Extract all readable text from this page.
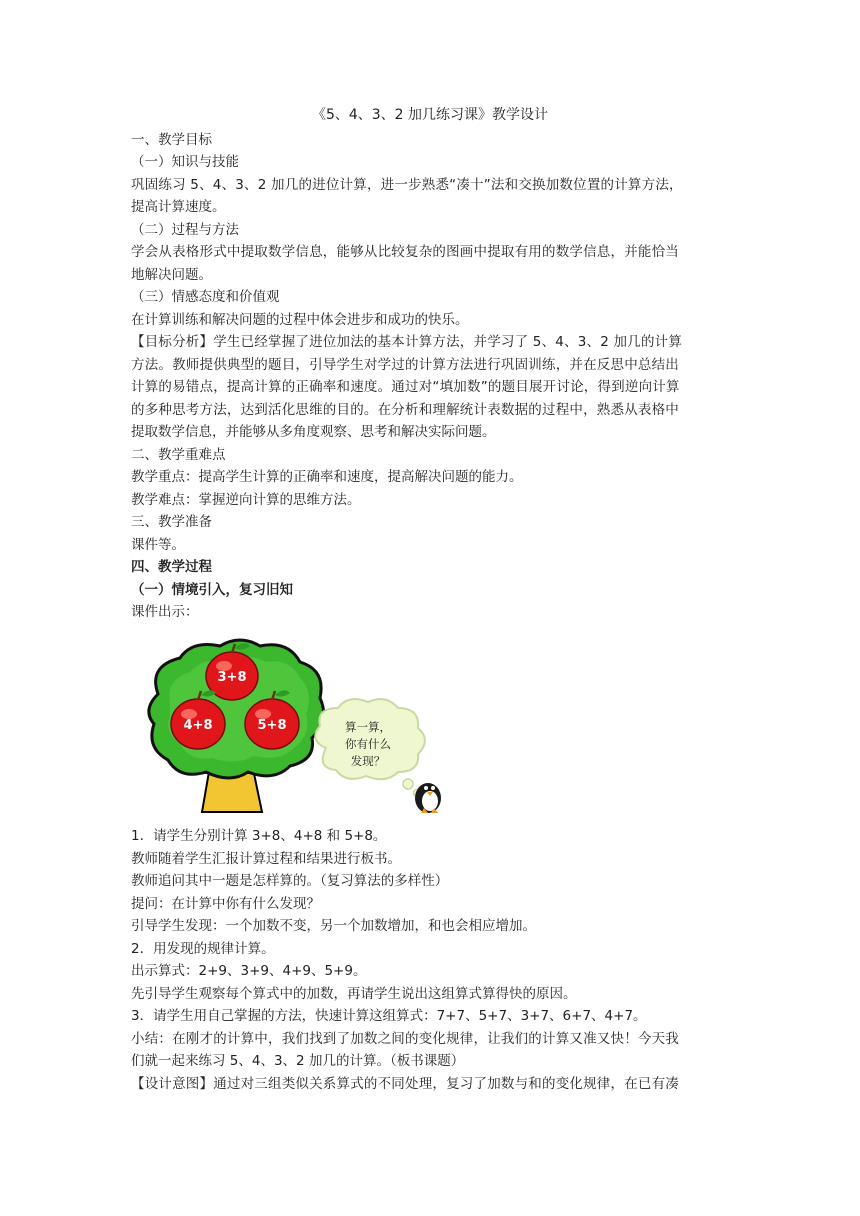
《5、4、3、2 加几练习课》教学设计
一、教学目标
（一）知识与技能
巩固练习 5、4、3、2 加几的进位计算，进一步熟悉“凑十”法和交换加数位置的计算方法，
提高计算速度。
（二）过程与方法
学会从表格形式中提取数学信息，能够从比较复杂的图画中提取有用的数学信息，并能恰当
地解决问题。
（三）情感态度和价值观
在计算训练和解决问题的过程中体会进步和成功的快乐。
【目标分析】学生已经掌握了进位加法的基本计算方法，并学习了 5、4、3、2 加几的计算
方法。教师提供典型的题目，引导学生对学过的计算方法进行巩固训练，并在反思中总结出
计算的易错点，提高计算的正确率和速度。通过对“填加数”的题目展开讨论，得到逆向计算
的多种思考方法，达到活化思维的目的。在分析和理解统计表数据的过程中，熟悉从表格中
提取数学信息，并能够从多角度观察、思考和解决实际问题。
二、教学重难点
教学重点：提高学生计算的正确率和速度，提高解决问题的能力。
教学难点：掌握逆向计算的思维方法。
三、教学准备
课件等。
四、教学过程
（一）情境引入，复习旧知
课件出示：
3+8
4+8	5+8	算一算，
你有什么
发现？
1．请学生分别计算 3+8、4+8 和 5+8。
教师随着学生汇报计算过程和结果进行板书。
教师追问其中一题是怎样算的。（复习算法的多样性）
提问：在计算中你有什么发现？
引导学生发现：一个加数不变，另一个加数增加，和也会相应增加。
2．用发现的规律计算。
出示算式：2+9、3+9、4+9、5+9。
先引导学生观察每个算式中的加数，再请学生说出这组算式算得快的原因。
3．请学生用自己掌握的方法，快速计算这组算式：7+7、5+7、3+7、6+7、4+7。
小结：在刚才的计算中，我们找到了加数之间的变化规律，让我们的计算又准又快！今天我
们就一起来练习 5、4、3、2 加几的计算。（板书课题）
【设计意图】通过对三组类似关系算式的不同处理，复习了加数与和的变化规律，在已有凑
